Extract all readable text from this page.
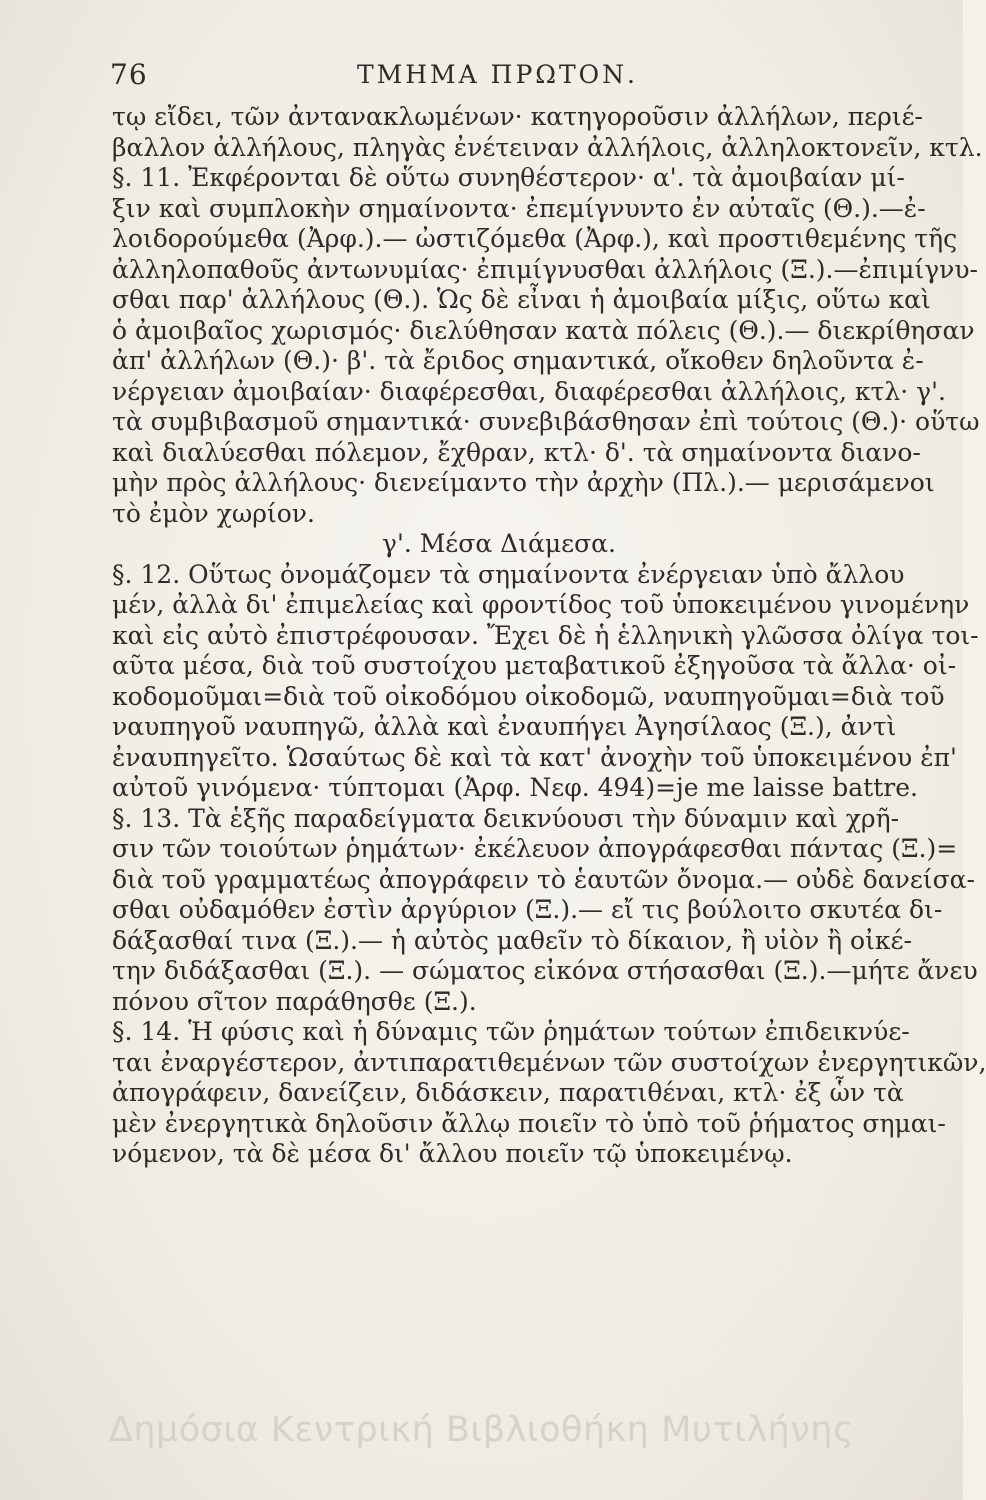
76	ΤΜΗΜΑ ΠΡΩΤΟΝ.
τῳ εἴδει, τῶν ἀντανακλωμένων· κατηγοροῦσιν ἀλλήλων, περιέ-
βαλλον ἀλλήλους, πληγὰς ἐνέτειναν ἀλλήλοις, ἀλληλοκτονεῖν, κτλ.
§. 11. Ἐκφέρονται δὲ οὕτω συνηθέστερον· α'. τὰ ἀμοιβαίαν μί-
ξιν καὶ συμπλοκὴν σημαίνοντα· ἐπεμίγνυντο ἐν αὐταῖς (Θ.).—ἐ-
λοιδορούμεθα (Ἀρφ.).— ὠστιζόμεθα (Ἀρφ.), καὶ προστιθεμένης τῆς
ἀλληλοπαθοῦς ἀντωνυμίας· ἐπιμίγνυσθαι ἀλλήλοις (Ξ.).—ἐπιμίγνυ-
σθαι παρ' ἀλλήλους (Θ.). Ὡς δὲ εἶναι ἡ ἀμοιβαία μίξις, οὕτω καὶ
ὁ ἀμοιβαῖος χωρισμός· διελύθησαν κατὰ πόλεις (Θ.).— διεκρίθησαν
ἀπ' ἀλλήλων (Θ.)· β'. τὰ ἔριδος σημαντικά, οἴκοθεν δηλοῦντα ἐ-
νέργειαν ἀμοιβαίαν· διαφέρεσθαι, διαφέρεσθαι ἀλλήλοις, κτλ· γ'.
τὰ συμβιβασμοῦ σημαντικά· συνεβιβάσθησαν ἐπὶ τούτοις (Θ.)· οὕτω
καὶ διαλύεσθαι πόλεμον, ἔχθραν, κτλ· δ'. τὰ σημαίνοντα διανο-
μὴν πρὸς ἀλλήλους· διενείμαντο τὴν ἀρχὴν (Πλ.).— μερισάμενοι
τὸ ἐμὸν χωρίον.
γ'. Μέσα Διάμεσα.
§. 12. Οὕτως ὀνομάζομεν τὰ σημαίνοντα ἐνέργειαν ὑπὸ ἄλλου
μέν, ἀλλὰ δι' ἐπιμελείας καὶ φροντίδος τοῦ ὑποκειμένου γινομένην
καὶ εἰς αὐτὸ ἐπιστρέφουσαν. Ἔχει δὲ ἡ ἑλληνικὴ γλῶσσα ὀλίγα τοι-
αῦτα μέσα, διὰ τοῦ συστοίχου μεταβατικοῦ ἐξηγοῦσα τὰ ἄλλα· οἰ-
κοδομοῦμαι=διὰ τοῦ οἰκοδόμου οἰκοδομῶ, ναυπηγοῦμαι=διὰ τοῦ
ναυπηγοῦ ναυπηγῶ, ἀλλὰ καὶ ἐναυπήγει Ἀγησίλαος (Ξ.), ἀντὶ
ἐναυπηγεῖτο. Ὡσαύτως δὲ καὶ τὰ κατ' ἀνοχὴν τοῦ ὑποκειμένου ἐπ'
αὐτοῦ γινόμενα· τύπτομαι (Ἀρφ. Νεφ. 494)=je me laisse battre.
§. 13. Τὰ ἑξῆς παραδείγματα δεικνύουσι τὴν δύναμιν καὶ χρῆ-
σιν τῶν τοιούτων ῥημάτων· ἐκέλευον ἀπογράφεσθαι πάντας (Ξ.)=
διὰ τοῦ γραμματέως ἀπογράφειν τὸ ἑαυτῶν ὄνομα.— οὐδὲ δανείσα-
σθαι οὐδαμόθεν ἐστὶν ἀργύριον (Ξ.).— εἴ τις βούλοιτο σκυτέα δι-
δάξασθαί τινα (Ξ.).— ἡ αὐτὸς μαθεῖν τὸ δίκαιον, ἢ υἱὸν ἢ οἰκέ-
την διδάξασθαι (Ξ.). — σώματος εἰκόνα στήσασθαι (Ξ.).—μήτε ἄνευ
πόνου σῖτον παράθησθε (Ξ.).
§. 14. Ἡ φύσις καὶ ἡ δύναμις τῶν ῥημάτων τούτων ἐπιδεικνύε-
ται ἐναργέστερον, ἀντιπαρατιθεμένων τῶν συστοίχων ἐνεργητικῶν,
ἀπογράφειν, δανείζειν, διδάσκειν, παρατιθέναι, κτλ· ἐξ ὧν τὰ
μὲν ἐνεργητικὰ δηλοῦσιν ἄλλῳ ποιεῖν τὸ ὑπὸ τοῦ ῥήματος σημαι-
νόμενον, τὰ δὲ μέσα δι' ἄλλου ποιεῖν τῷ ὑποκειμένῳ.
Δημόσια Κεντρική Βιβλιοθήκη Μυτιλήνης
